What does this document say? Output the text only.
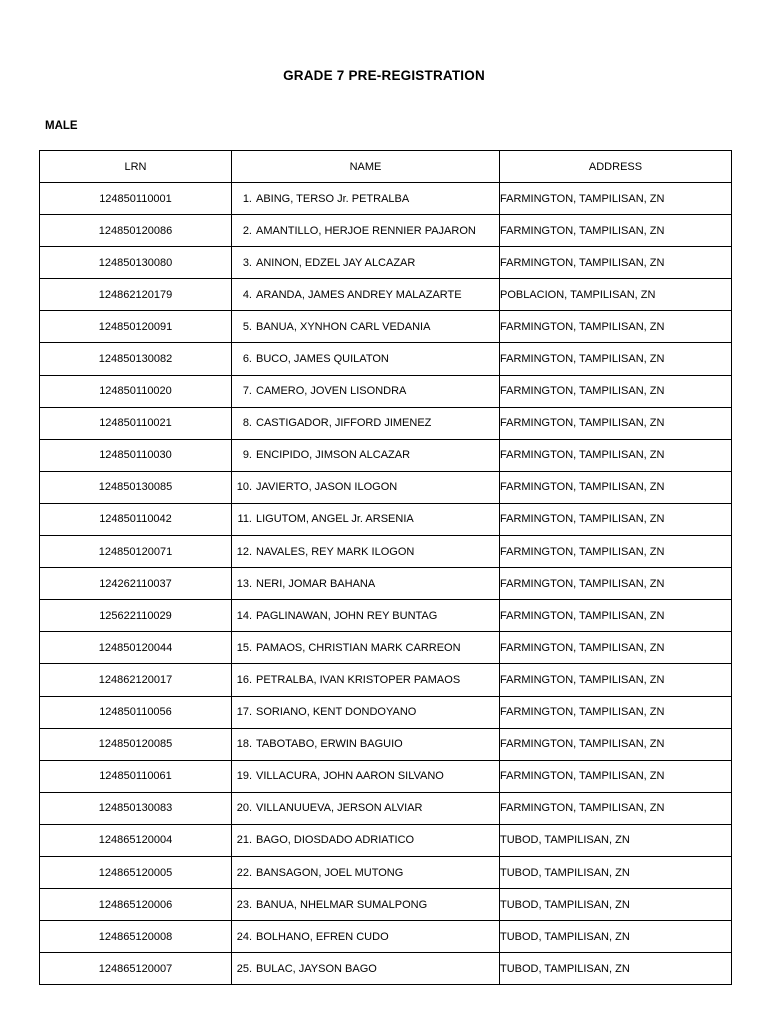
GRADE 7 PRE-REGISTRATION
MALE
LRN	NAME	ADDRESS
124850110001	1. ABING, TERSO Jr. PETRALBA	FARMINGTON, TAMPILISAN, ZN
124850120086	2. AMANTILLO, HERJOE RENNIER PAJARON	FARMINGTON, TAMPILISAN, ZN
124850130080	3. ANINON, EDZEL JAY ALCAZAR	FARMINGTON, TAMPILISAN, ZN
124862120179	4. ARANDA, JAMES ANDREY MALAZARTE	POBLACION, TAMPILISAN, ZN
124850120091	5. BANUA, XYNHON CARL VEDANIA	FARMINGTON, TAMPILISAN, ZN
124850130082	6. BUCO, JAMES QUILATON	FARMINGTON, TAMPILISAN, ZN
124850110020	7. CAMERO, JOVEN LISONDRA	FARMINGTON, TAMPILISAN, ZN
124850110021	8. CASTIGADOR, JIFFORD JIMENEZ	FARMINGTON, TAMPILISAN, ZN
124850110030	9. ENCIPIDO, JIMSON ALCAZAR	FARMINGTON, TAMPILISAN, ZN
124850130085	10. JAVIERTO, JASON ILOGON	FARMINGTON, TAMPILISAN, ZN
124850110042	11. LIGUTOM, ANGEL Jr. ARSENIA	FARMINGTON, TAMPILISAN, ZN
124850120071	12. NAVALES, REY MARK ILOGON	FARMINGTON, TAMPILISAN, ZN
124262110037	13. NERI, JOMAR BAHANA	FARMINGTON, TAMPILISAN, ZN
125622110029	14. PAGLINAWAN, JOHN REY BUNTAG	FARMINGTON, TAMPILISAN, ZN
124850120044	15. PAMAOS, CHRISTIAN MARK CARREON	FARMINGTON, TAMPILISAN, ZN
124862120017	16. PETRALBA, IVAN KRISTOPER PAMAOS	FARMINGTON, TAMPILISAN, ZN
124850110056	17. SORIANO, KENT DONDOYANO	FARMINGTON, TAMPILISAN, ZN
124850120085	18. TABOTABO, ERWIN BAGUIO	FARMINGTON, TAMPILISAN, ZN
124850110061	19. VILLACURA, JOHN AARON SILVANO	FARMINGTON, TAMPILISAN, ZN
124850130083	20. VILLANUUEVA, JERSON ALVIAR	FARMINGTON, TAMPILISAN, ZN
124865120004	21. BAGO, DIOSDADO ADRIATICO	TUBOD, TAMPILISAN, ZN
124865120005	22. BANSAGON, JOEL MUTONG	TUBOD, TAMPILISAN, ZN
124865120006	23. BANUA, NHELMAR SUMALPONG	TUBOD, TAMPILISAN, ZN
124865120008	24. BOLHANO, EFREN CUDO	TUBOD, TAMPILISAN, ZN
124865120007	25. BULAC, JAYSON BAGO	TUBOD, TAMPILISAN, ZN
